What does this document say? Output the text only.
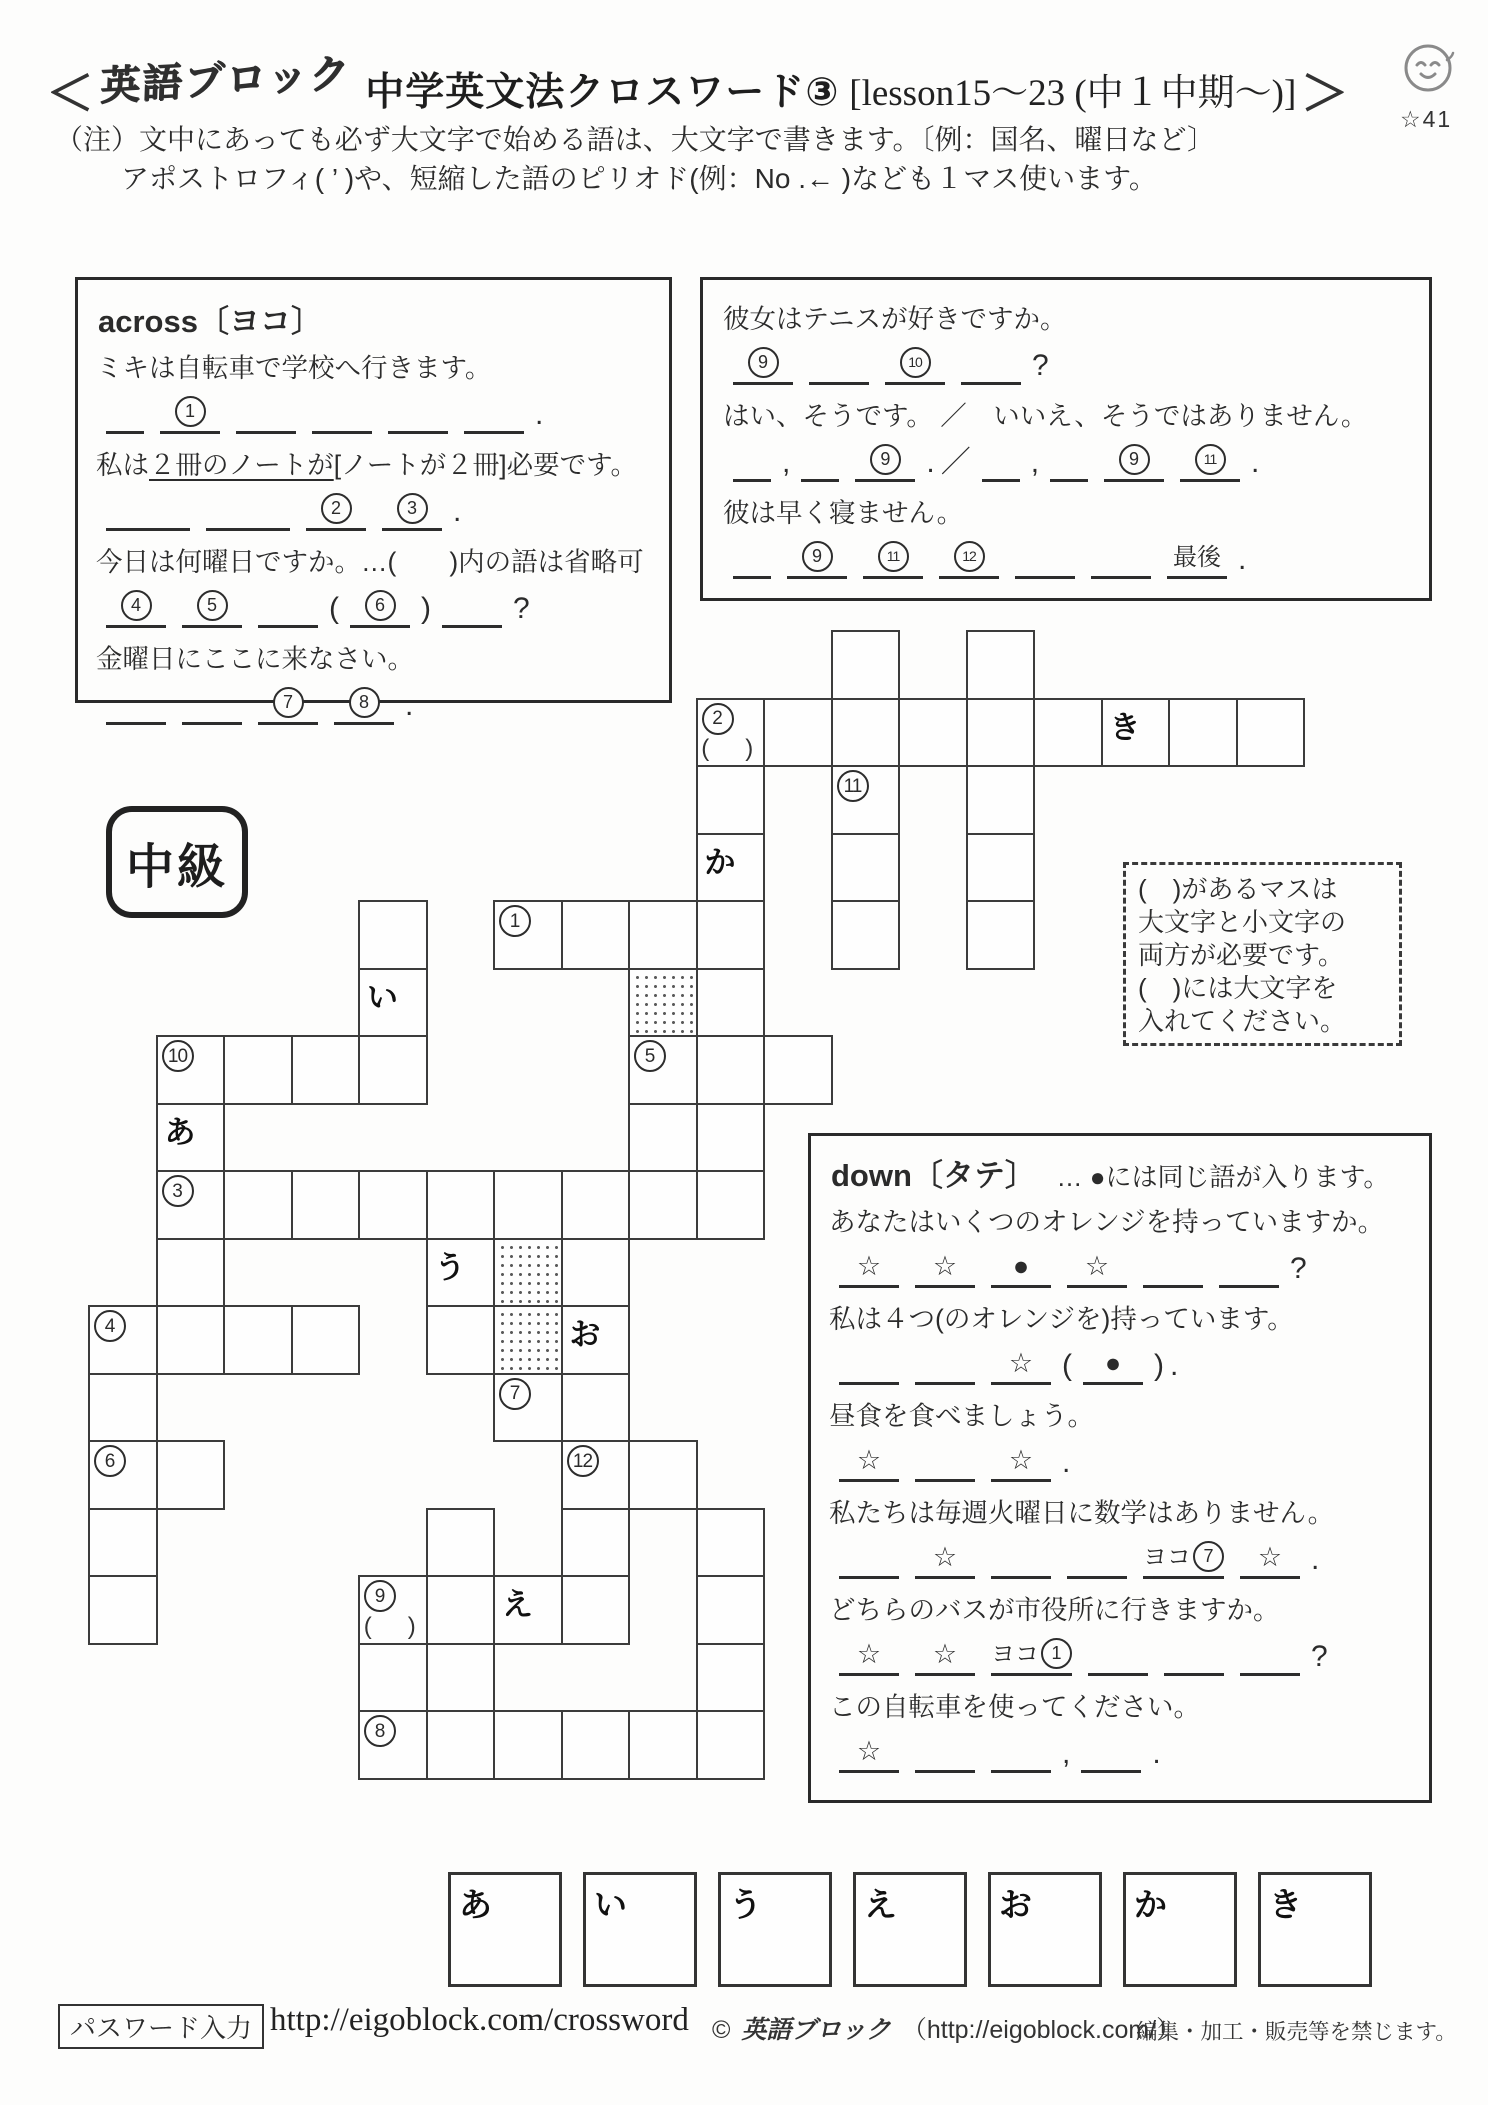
＜ 英語ブロック 中学英文法クロスワード③ [lesson15～23 (中１中期～)] ＞	☆41
（注）文中にあっても必ず大文字で始める語は、大文字で書きます。〔例：国名、曜日など〕
アポストロフィ( ’ )や、短縮した語のピリオド(例：No .← )なども１マス使います。
across〔ヨコ〕
ミキは自転車で学校へ行きます。
1	.
私は２冊のノートが[ノートが２冊]必要です。
2	3 .
今日は何曜日ですか。…(　　)内の語は省略可
4	5	( 6 )	?
金曜日にここに来なさい。
7	8 .
彼女はテニスが好きですか。
9	10	?
はい、そうです。 ／　いいえ、そうではありません。
,	9 . ／ ,	9	11 .
彼は早く寝ません。
9	11	12	最後 .
中級
2
(　)
き
11
か
1
い
10	5
あ
3
う
4	お
7
6	12
9
(　)
え
8
(　)があるマスは
大文字と小文字の
両方が必要です。
(　)には大文字を
入れてください。
down〔タテ〕 … ●には同じ語が入ります。
あなたはいくつのオレンジを持っていますか。
☆ ☆ ● ☆	?
私は４つ(のオレンジを)持っています。
☆ ( ● ) .
昼食を食べましょう。
☆	☆ .
私たちは毎週火曜日に数学はありません。
☆	ヨコ 7 ☆ .
どちらのバスが市役所に行きますか。
☆ ☆ ヨコ 1	?
この自転車を使ってください。
☆	,	.
あ	い	う	え	お	か	き
パスワード入力 http://eigoblock.com/crossword © 英語ブロック （http://eigoblock.com/）
編集・加工・販売等を禁じます。
